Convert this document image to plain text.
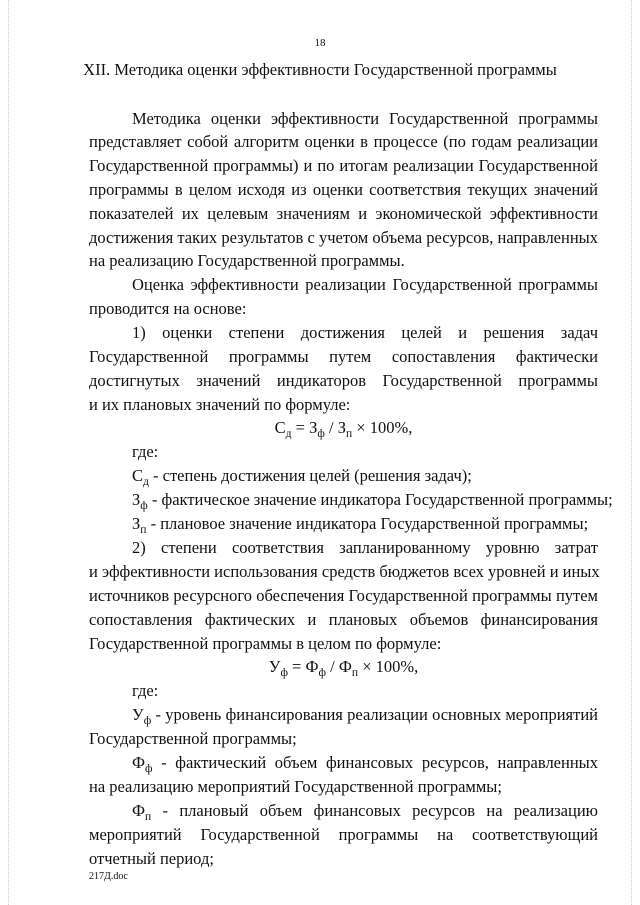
18
XII. Методика оценки эффективности Государственной программы
Методика оценки эффективности Государственной программы
представляет собой алгоритм оценки в процессе (по годам реализации
Государственной программы) и по итогам реализации Государственной
программы в целом исходя из оценки соответствия текущих значений
показателей их целевым значениям и экономической эффективности
достижения таких результатов с учетом объема ресурсов, направленных
на реализацию Государственной программы.
Оценка эффективности реализации Государственной программы
проводится на основе:
1) оценки степени достижения целей и решения задач
Государственной программы путем сопоставления фактически
достигнутых значений индикаторов Государственной программы
и их плановых значений по формуле:
$С_д = З_ф / З_п \times 100\%$,
где:
$С_д$ - степень достижения целей (решения задач);
$З_ф$ - фактическое значение индикатора Государственной программы;
$З_п$ - плановое значение индикатора Государственной программы;
2) степени соответствия запланированному уровню затрат
и эффективности использования средств бюджетов всех уровней и иных
источников ресурсного обеспечения Государственной программы путем
сопоставления фактических и плановых объемов финансирования
Государственной программы в целом по формуле:
$У_ф = Ф_ф / Ф_п \times 100\%$,
где:
$У_ф$ - уровень финансирования реализации основных мероприятий
Государственной программы;
$Ф_ф$ - фактический объем финансовых ресурсов, направленных
на реализацию мероприятий Государственной программы;
$Ф_п$ - плановый объем финансовых ресурсов на реализацию
мероприятий Государственной программы на соответствующий
отчетный период;
217Д.doc
